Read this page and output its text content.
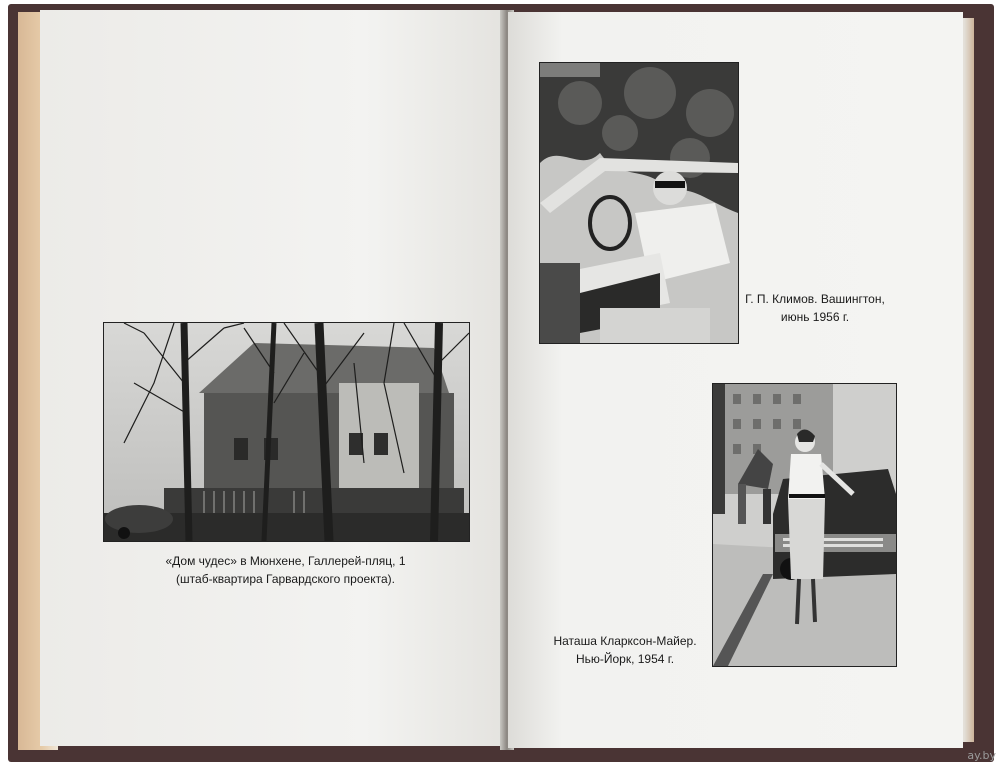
«Дом чудес» в Мюнхене, Галлерей-пляц, 1
(штаб-квартира Гарвардского проекта).
Г. П. Климов. Вашингтон,
июнь 1956 г.
Наташа Кларксон-Майер.
Нью-Йорк, 1954 г.
ay.by
